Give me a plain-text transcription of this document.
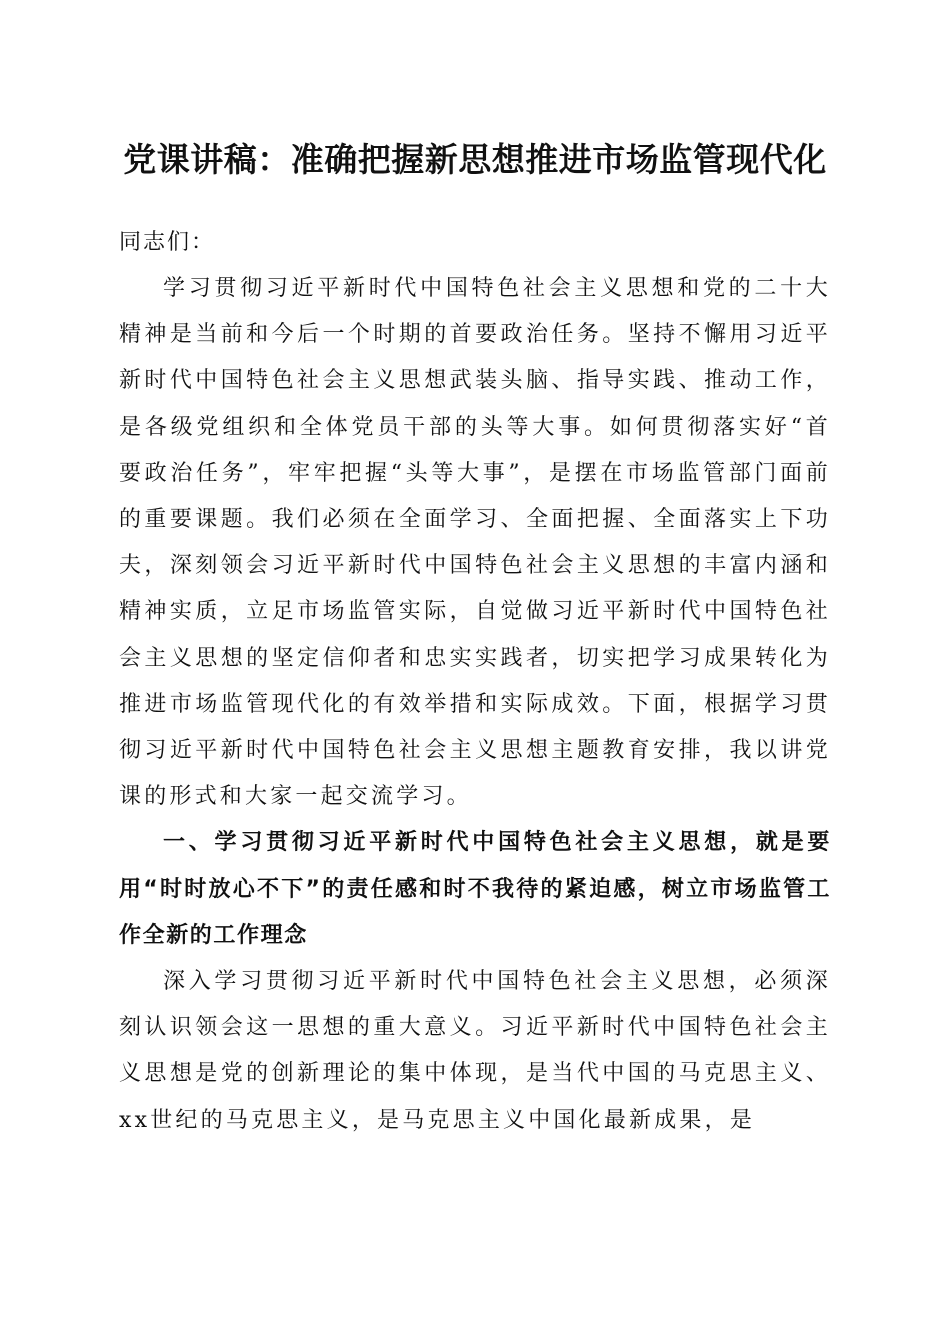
党课讲稿：准确把握新思想推进市场监管现代化

同志们：

学习贯彻习近平新时代中国特色社会主义思想和党的二十大精神是当前和今后一个时期的首要政治任务。坚持不懈用习近平新时代中国特色社会主义思想武装头脑、指导实践、推动工作，是各级党组织和全体党员干部的头等大事。如何贯彻落实好“首要政治任务”，牢牢把握“头等大事”，是摆在市场监管部门面前的重要课题。我们必须在全面学习、全面把握、全面落实上下功夫，深刻领会习近平新时代中国特色社会主义思想的丰富内涵和精神实质，立足市场监管实际，自觉做习近平新时代中国特色社会主义思想的坚定信仰者和忠实实践者，切实把学习成果转化为推进市场监管现代化的有效举措和实际成效。下面，根据学习贯彻习近平新时代中国特色社会主义思想主题教育安排，我以讲党课的形式和大家一起交流学习。

一、学习贯彻习近平新时代中国特色社会主义思想，就是要用“时时放心不下”的责任感和时不我待的紧迫感，树立市场监管工作全新的工作理念

深入学习贯彻习近平新时代中国特色社会主义思想，必须深刻认识领会这一思想的重大意义。习近平新时代中国特色社会主义思想是党的创新理论的集中体现，是当代中国的马克思主义、xx世纪的马克思主义，是马克思主义中国化最新成果，是
